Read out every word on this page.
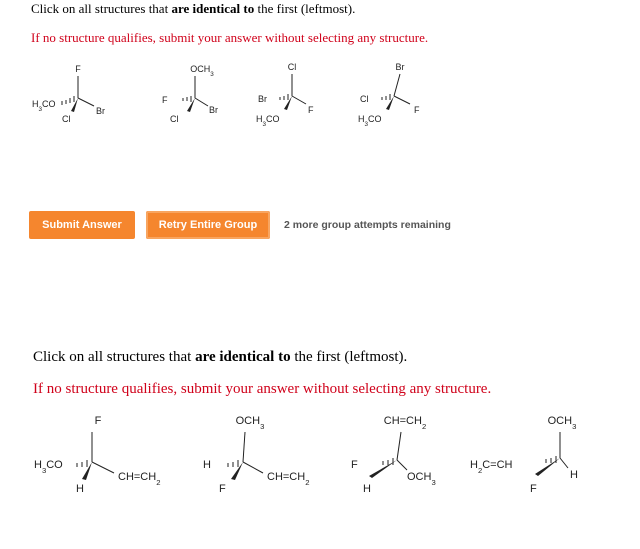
Click on all structures that are identical to the first (leftmost).
If no structure qualifies, submit your answer without selecting any structure.
F
$H_3CO$
Br
Cl
$OCH_3$
F
Br
Cl
Cl
Br
F
$H_3CO$
Br
Cl
F
$H_3CO$
Submit Answer	Retry Entire Group	2 more group attempts remaining
Click on all structures that are identical to the first (leftmost).
If no structure qualifies, submit your answer without selecting any structure.
F
$H_3CO$
$CH=CH_2$
H
$OCH_3$
H
$CH=CH_2$
F
$CH=CH_2$
F
$OCH_3$
H
$OCH_3$
$H_2C=CH$
H
F
